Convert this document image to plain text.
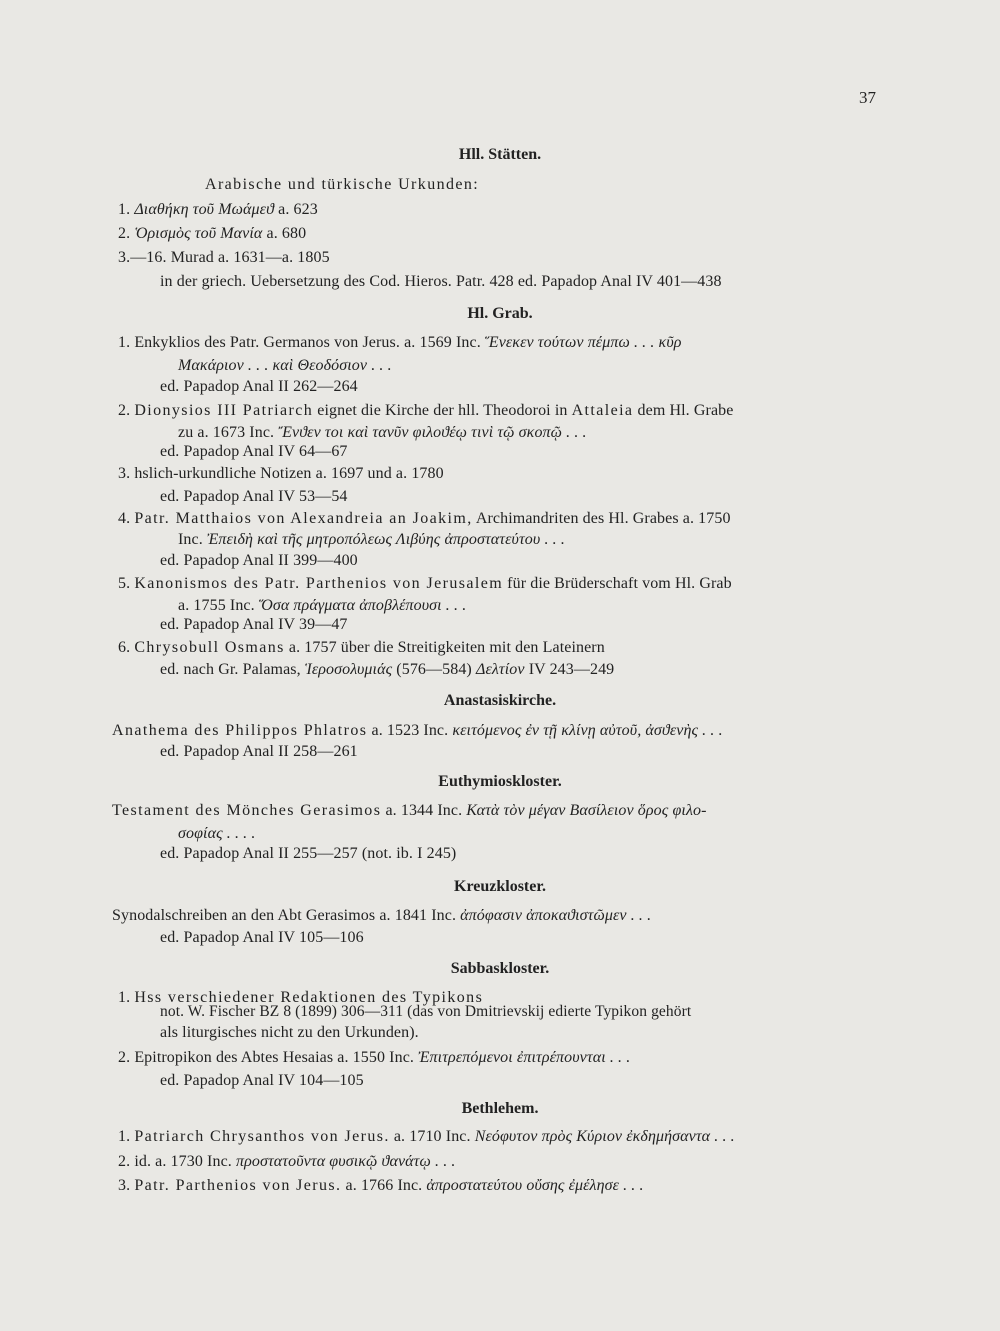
37
Hll. Stätten.
Arabische und türkische Urkunden:
1. Διαθήκη τοῦ Μωάμεϑ a. 623
2. Ὁρισμὸς τοῦ Μανία a. 680
3.—16. Murad a. 1631—a. 1805
in der griech. Uebersetzung des Cod. Hieros. Patr. 428 ed. Papadop Anal IV 401—438
Hl. Grab.
1. Enkyklios des Patr. Germanos von Jerus. a. 1569 Inc. Ἕνεκεν τούτων πέμπω . . . κῦρ
Μακάριον . . . καὶ Θεοδόσιον . . .
ed. Papadop Anal II 262—264
2. Dionysios III Patriarch eignet die Kirche der hll. Theodoroi in Attaleia dem Hl. Grabe
zu a. 1673 Inc. Ἔνϑεν τοι καὶ τανῦν φιλοϑέῳ τινὶ τῷ σκοπῷ . . .
ed. Papadop Anal IV 64—67
3. hslich-urkundliche Notizen a. 1697 und a. 1780
ed. Papadop Anal IV 53—54
4. Patr. Matthaios von Alexandreia an Joakim, Archimandriten des Hl. Grabes a. 1750
Inc. Ἐπειδὴ καὶ τῆς μητροπόλεως Λιβύης ἀπροστατεύτου . . .
ed. Papadop Anal II 399—400
5. Kanonismos des Patr. Parthenios von Jerusalem für die Brüderschaft vom Hl. Grab
a. 1755 Inc. Ὅσα πράγματα ἀποβλέπουσι . . .
ed. Papadop Anal IV 39—47
6. Chrysobull Osmans a. 1757 über die Streitigkeiten mit den Lateinern
ed. nach Gr. Palamas, Ἱεροσολυμιάς (576—584) Δελτίον IV 243—249
Anastasiskirche.
Anathema des Philippos Phlatros a. 1523 Inc. κειτόμενος ἐν τῇ κλίνῃ αὐτοῦ, ἀσϑενὴς . . .
ed. Papadop Anal II 258—261
Euthymioskloster.
Testament des Mönches Gerasimos a. 1344 Inc. Κατὰ τὸν μέγαν Βασίλειον ὅρος φιλο-
σοφίας . . . .
ed. Papadop Anal II 255—257 (not. ib. I 245)
Kreuzkloster.
Synodalschreiben an den Abt Gerasimos a. 1841 Inc. ἀπόφασιν ἀποκαϑιστῶμεν . . .
ed. Papadop Anal IV 105—106
Sabbaskloster.
1. Hss verschiedener Redaktionen des Typikons
not. W. Fischer BZ 8 (1899) 306—311 (das von Dmitrievskij edierte Typikon gehört
als liturgisches nicht zu den Urkunden).
2. Epitropikon des Abtes Hesaias a. 1550 Inc. Ἐπιτρεπόμενοι ἐπιτρέπουνται . . .
ed. Papadop Anal IV 104—105
Bethlehem.
1. Patriarch Chrysanthos von Jerus. a. 1710 Inc. Νεόφυτον πρὸς Κύριον ἐκδημήσαντα . . .
2. id. a. 1730 Inc. προστατοῦντα φυσικῷ ϑανάτῳ . . .
3. Patr. Parthenios von Jerus. a. 1766 Inc. ἀπροστατεύτου οὔσης ἐμέλησε . . .
